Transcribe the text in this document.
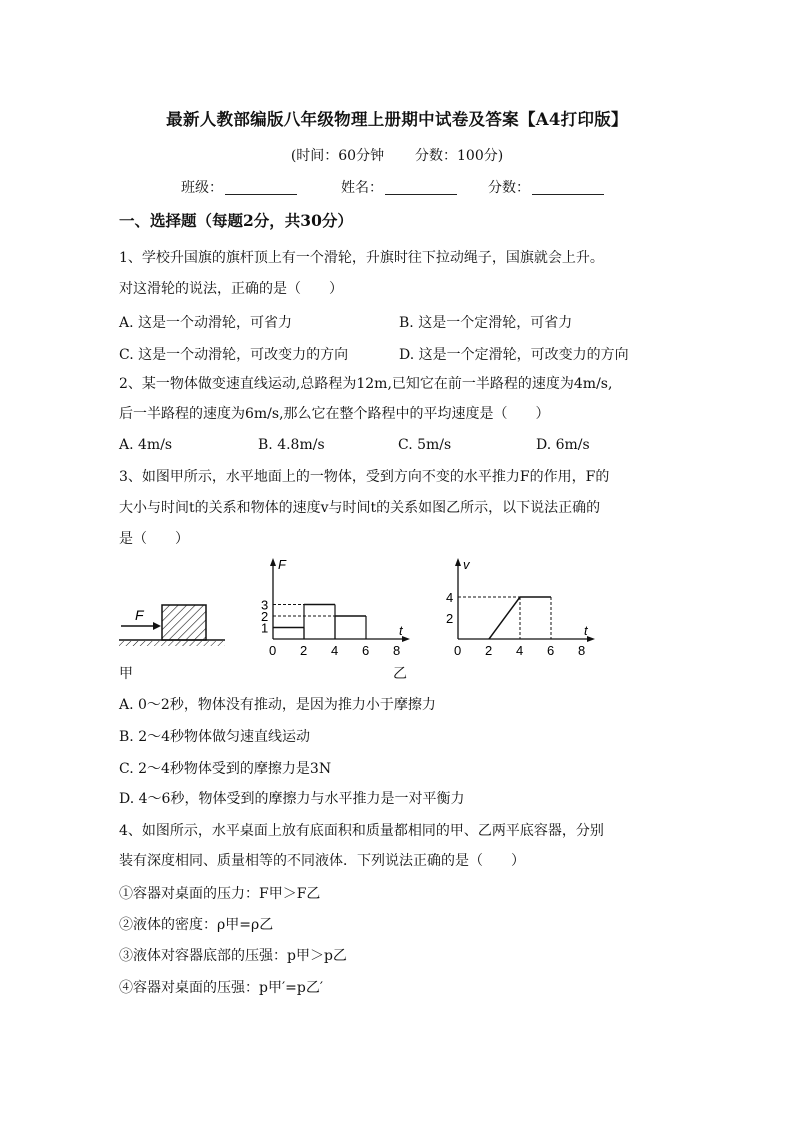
最新人教部编版八年级物理上册期中试卷及答案【A4打印版】
(时间：60分钟 分数：100分)
班级：	姓名：	分数：
一、选择题（每题2分，共30分）
1、学校升国旗的旗杆顶上有一个滑轮，升旗时往下拉动绳子，国旗就会上升。
对这滑轮的说法，正确的是（　　）
A. 这是一个动滑轮，可省力	B. 这是一个定滑轮，可省力
C. 这是一个动滑轮，可改变力的方向	D. 这是一个定滑轮，可改变力的方向
2、某一物体做变速直线运动,总路程为12m,已知它在前一半路程的速度为4m/s,
后一半路程的速度为6m/s,那么它在整个路程中的平均速度是（　　）
A. 4m/s	B. 4.8m/s	C. 5m/s	D. 6m/s
3、如图甲所示，水平地面上的一物体，受到方向不变的水平推力F的作用，F的
大小与时间t的关系和物体的速度v与时间t的关系如图乙所示，以下说法正确的
是（　　）
F
t
F
0 2 4 6 8
1
2
3
t
v
0 2 4 6 8
2
4
甲	乙
A. 0～2秒，物体没有推动，是因为推力小于摩擦力
B. 2～4秒物体做匀速直线运动
C. 2～4秒物体受到的摩擦力是3N
D. 4～6秒，物体受到的摩擦力与水平推力是一对平衡力
4、如图所示，水平桌面上放有底面积和质量都相同的甲、乙两平底容器，分别
装有深度相同、质量相等的不同液体．下列说法正确的是（　　）
①容器对桌面的压力：F甲＞F乙
②液体的密度：ρ甲=ρ乙
③液体对容器底部的压强：p甲＞p乙
④容器对桌面的压强：p甲′=p乙′
